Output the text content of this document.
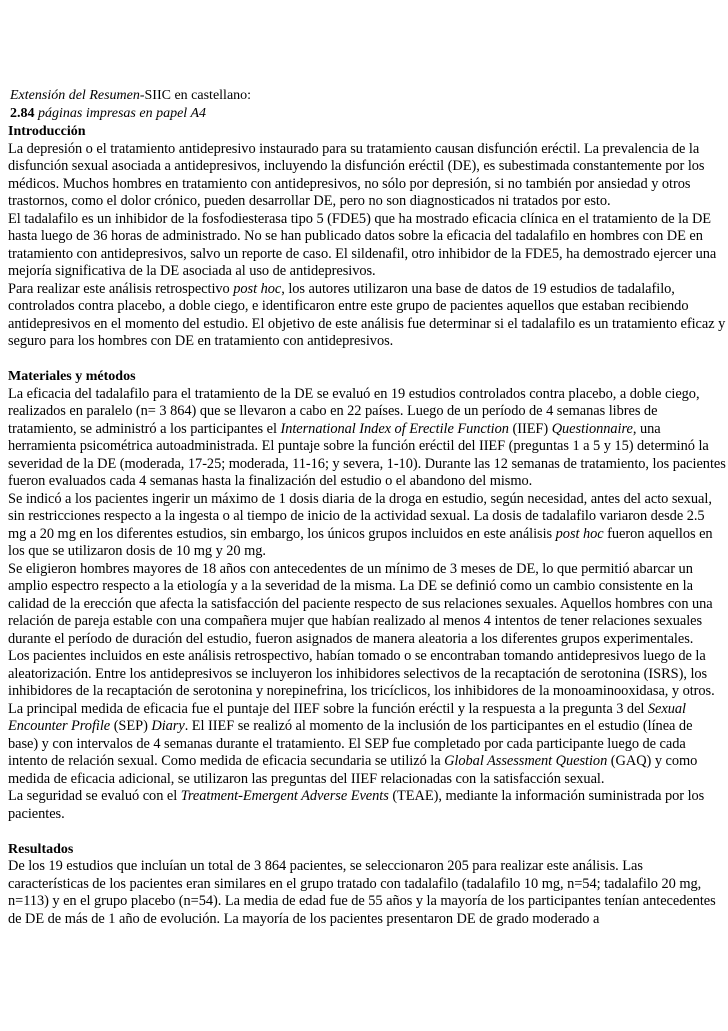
Extensión del Resumen-SIIC en castellano:
2.84 páginas impresas en papel A4
Introducción

La depresión o el tratamiento antidepresivo instaurado para su tratamiento causan disfunción eréctil. La prevalencia de la disfunción sexual asociada a antidepresivos, incluyendo la disfunción eréctil (DE), es subestimada constantemente por los médicos. Muchos hombres en tratamiento con antidepresivos, no sólo por depresión, si no también por ansiedad y otros trastornos, como el dolor crónico, pueden desarrollar DE, pero no son diagnosticados ni tratados por esto.

El tadalafilo es un inhibidor de la fosfodiesterasa tipo 5 (FDE5) que ha mostrado eficacia clínica en el tratamiento de la DE hasta luego de 36 horas de administrado. No se han publicado datos sobre la eficacia del tadalafilo en hombres con DE en tratamiento con antidepresivos, salvo un reporte de caso. El sildenafil, otro inhibidor de la FDE5, ha demostrado ejercer una mejoría significativa de la DE asociada al uso de antidepresivos.

Para realizar este análisis retrospectivo post hoc, los autores utilizaron una base de datos de 19 estudios de tadalafilo, controlados contra placebo, a doble ciego, e identificaron entre este grupo de pacientes aquellos que estaban recibiendo antidepresivos en el momento del estudio. El objetivo de este análisis fue determinar si el tadalafilo es un tratamiento eficaz y seguro para los hombres con DE en tratamiento con antidepresivos.

Materiales y métodos

La eficacia del tadalafilo para el tratamiento de la DE se evaluó en 19 estudios controlados contra placebo, a doble ciego, realizados en paralelo (n= 3 864) que se llevaron a cabo en 22 países. Luego de un período de 4 semanas libres de tratamiento, se administró a los participantes el International Index of Erectile Function (IIEF) Questionnaire, una herramienta psicométrica autoadministrada. El puntaje sobre la función eréctil del IIEF (preguntas 1 a 5 y 15) determinó la severidad de la DE (moderada, 17-25; moderada, 11-16; y severa, 1-10). Durante las 12 semanas de tratamiento, los pacientes fueron evaluados cada 4 semanas hasta la finalización del estudio o el abandono del mismo.

Se indicó a los pacientes ingerir un máximo de 1 dosis diaria de la droga en estudio, según necesidad, antes del acto sexual, sin restricciones respecto a la ingesta o al tiempo de inicio de la actividad sexual. La dosis de tadalafilo variaron desde 2.5 mg a 20 mg en los diferentes estudios, sin embargo, los únicos grupos incluidos en este análisis post hoc fueron aquellos en los que se utilizaron dosis de 10 mg y 20 mg.

Se eligieron hombres mayores de 18 años con antecedentes de un mínimo de 3 meses de DE, lo que permitió abarcar un amplio espectro respecto a la etiología y a la severidad de la misma. La DE se definió como un cambio consistente en la calidad de la erección que afecta la satisfacción del paciente respecto de sus relaciones sexuales. Aquellos hombres con una relación de pareja estable con una compañera mujer que habían realizado al menos 4 intentos de tener relaciones sexuales durante el período de duración del estudio, fueron asignados de manera aleatoria a los diferentes grupos experimentales.

Los pacientes incluidos en este análisis retrospectivo, habían tomado o se encontraban tomando antidepresivos luego de la aleatorización. Entre los antidepresivos se incluyeron los inhibidores selectivos de la recaptación de serotonina (ISRS), los inhibidores de la recaptación de serotonina y norepinefrina, los tricíclicos, los inhibidores de la monoaminooxidasa, y otros.

La principal medida de eficacia fue el puntaje del IIEF sobre la función eréctil y la respuesta a la pregunta 3 del Sexual Encounter Profile (SEP) Diary. El IIEF se realizó al momento de la inclusión de los participantes en el estudio (línea de base) y con intervalos de 4 semanas durante el tratamiento. El SEP fue completado por cada participante luego de cada intento de relación sexual. Como medida de eficacia secundaria se utilizó la Global Assessment Question (GAQ) y como medida de eficacia adicional, se utilizaron las preguntas del IIEF relacionadas con la satisfacción sexual.

La seguridad se evaluó con el Treatment-Emergent Adverse Events (TEAE), mediante la información suministrada por los pacientes.

Resultados

De los 19 estudios que incluían un total de 3 864 pacientes, se seleccionaron 205 para realizar este análisis. Las características de los pacientes eran similares en el grupo tratado con tadalafilo (tadalafilo 10 mg, n=54; tadalafilo 20 mg, n=113) y en el grupo placebo (n=54). La media de edad fue de 55 años y la mayoría de los participantes tenían antecedentes de DE de más de 1 año de evolución. La mayoría de los pacientes presentaron DE de grado moderado a
